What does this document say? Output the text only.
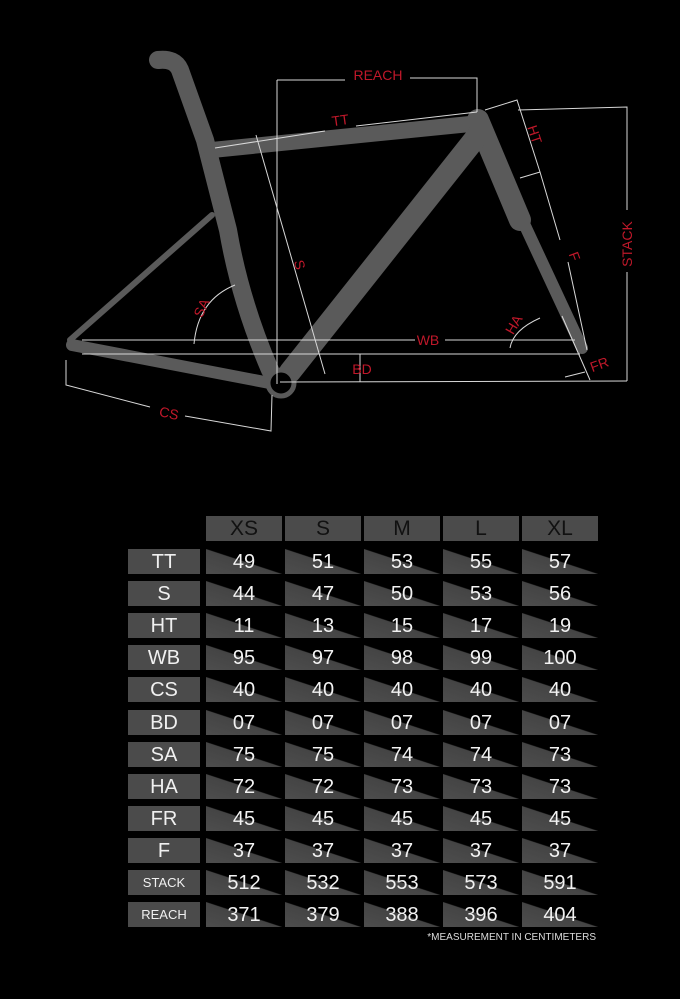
REACH
TT
HT
STACK
S
F
SA
HA
WB
BD	FR
CS
XS	S	M	L	XL
TT	49	51	53	55	57
S	44	47	50	53	56
HT	11	13	15	17	19
WB	95	97	98	99	100
CS	40	40	40	40	40
BD	07	07	07	07	07
SA	75	75	74	74	73
HA	72	72	73	73	73
FR	45	45	45	45	45
F	37	37	37	37	37
STACK	512	532	553	573	591
REACH	371	379	388	396	404
*MEASUREMENT IN CENTIMETERS
